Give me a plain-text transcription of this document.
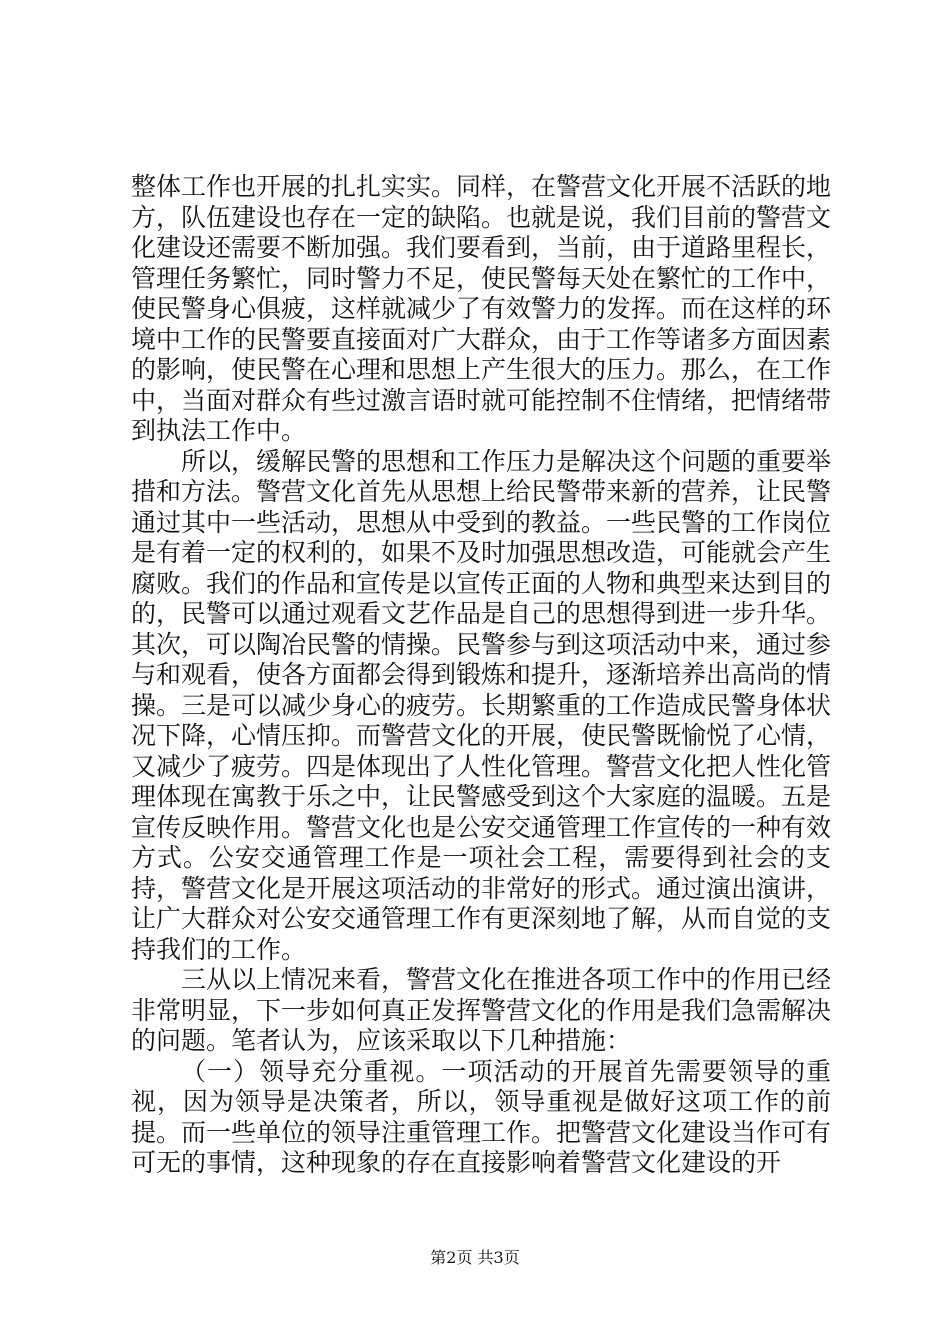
整体工作也开展的扎扎实实。同样，在警营文化开展不活跃的地方，队伍建设也存在一定的缺陷。也就是说，我们目前的警营文化建设还需要不断加强。我们要看到，当前，由于道路里程长，管理任务繁忙，同时警力不足，使民警每天处在繁忙的工作中，使民警身心俱疲，这样就减少了有效警力的发挥。而在这样的环境中工作的民警要直接面对广大群众，由于工作等诸多方面因素的影响，使民警在心理和思想上产生很大的压力。那么，在工作中，当面对群众有些过激言语时就可能控制不住情绪，把情绪带到执法工作中。

所以，缓解民警的思想和工作压力是解决这个问题的重要举措和方法。警营文化首先从思想上给民警带来新的营养，让民警通过其中一些活动，思想从中受到的教益。一些民警的工作岗位是有着一定的权利的，如果不及时加强思想改造，可能就会产生腐败。我们的作品和宣传是以宣传正面的人物和典型来达到目的的，民警可以通过观看文艺作品是自己的思想得到进一步升华。其次，可以陶冶民警的情操。民警参与到这项活动中来，通过参与和观看，使各方面都会得到锻炼和提升，逐渐培养出高尚的情操。三是可以减少身心的疲劳。长期繁重的工作造成民警身体状况下降，心情压抑。而警营文化的开展，使民警既愉悦了心情，又减少了疲劳。四是体现出了人性化管理。警营文化把人性化管理体现在寓教于乐之中，让民警感受到这个大家庭的温暖。五是宣传反映作用。警营文化也是公安交通管理工作宣传的一种有效方式。公安交通管理工作是一项社会工程，需要得到社会的支持，警营文化是开展这项活动的非常好的形式。通过演出演讲，让广大群众对公安交通管理工作有更深刻地了解，从而自觉的支持我们的工作。

三从以上情况来看，警营文化在推进各项工作中的作用已经非常明显，下一步如何真正发挥警营文化的作用是我们急需解决的问题。笔者认为，应该采取以下几种措施：

（一）领导充分重视。一项活动的开展首先需要领导的重视，因为领导是决策者，所以，领导重视是做好这项工作的前提。而一些单位的领导注重管理工作。把警营文化建设当作可有可无的事情，这种现象的存在直接影响着警营文化建设的开

第2页 共3页
